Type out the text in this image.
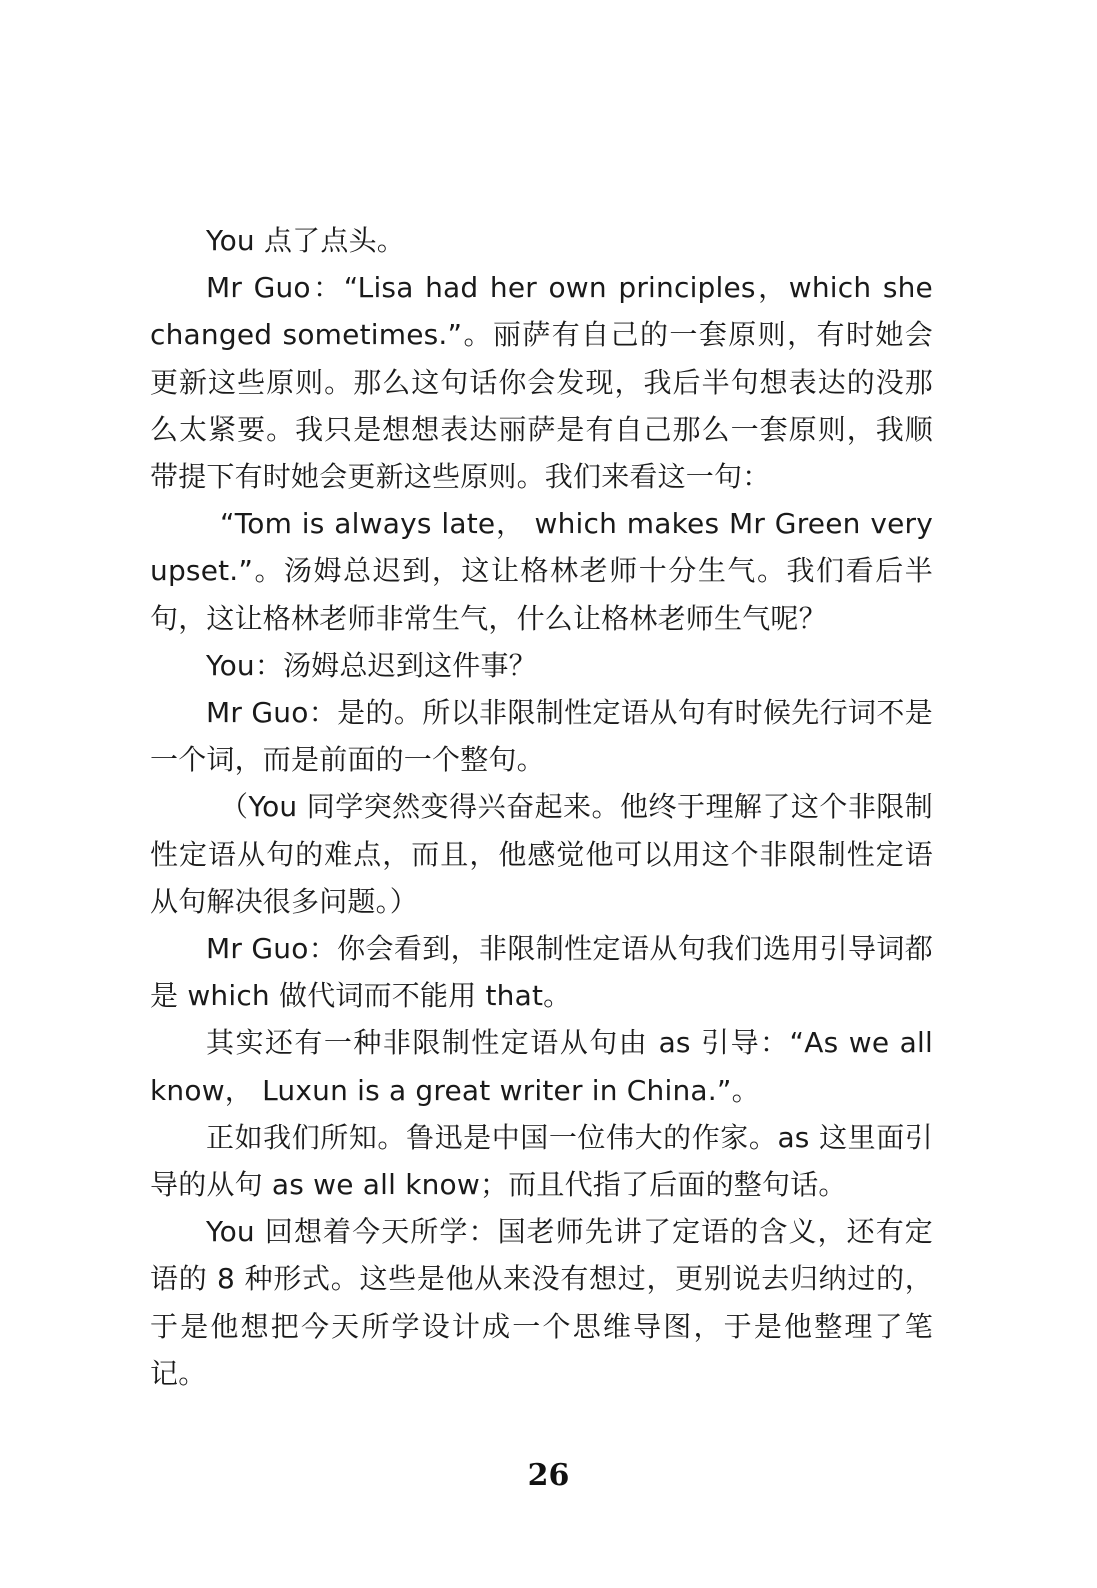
You 点了点头。

Mr Guo：“Lisa had her own principles，which she changed sometimes.”。丽萨有自己的一套原则，有时她会更新这些原则。那么这句话你会发现，我后半句想表达的没那么太紧要。我只是想想表达丽萨是有自己那么一套原则，我顺带提下有时她会更新这些原则。我们来看这一句：

“Tom is always late， which makes Mr Green very upset.”。汤姆总迟到，这让格林老师十分生气。我们看后半句，这让格林老师非常生气，什么让格林老师生气呢？

You：汤姆总迟到这件事？

Mr Guo：是的。所以非限制性定语从句有时候先行词不是一个词，而是前面的一个整句。

（You 同学突然变得兴奋起来。他终于理解了这个非限制性定语从句的难点，而且，他感觉他可以用这个非限制性定语从句解决很多问题。）

Mr Guo：你会看到，非限制性定语从句我们选用引导词都是 which 做代词而不能用 that。

其实还有一种非限制性定语从句由 as 引导：“As we all know， Luxun is a great writer in China.”。

正如我们所知。鲁迅是中国一位伟大的作家。as 这里面引导的从句 as we all know；而且代指了后面的整句话。

You 回想着今天所学：国老师先讲了定语的含义，还有定语的 8 种形式。这些是他从来没有想过，更别说去归纳过的，于是他想把今天所学设计成一个思维导图，于是他整理了笔记。

26
